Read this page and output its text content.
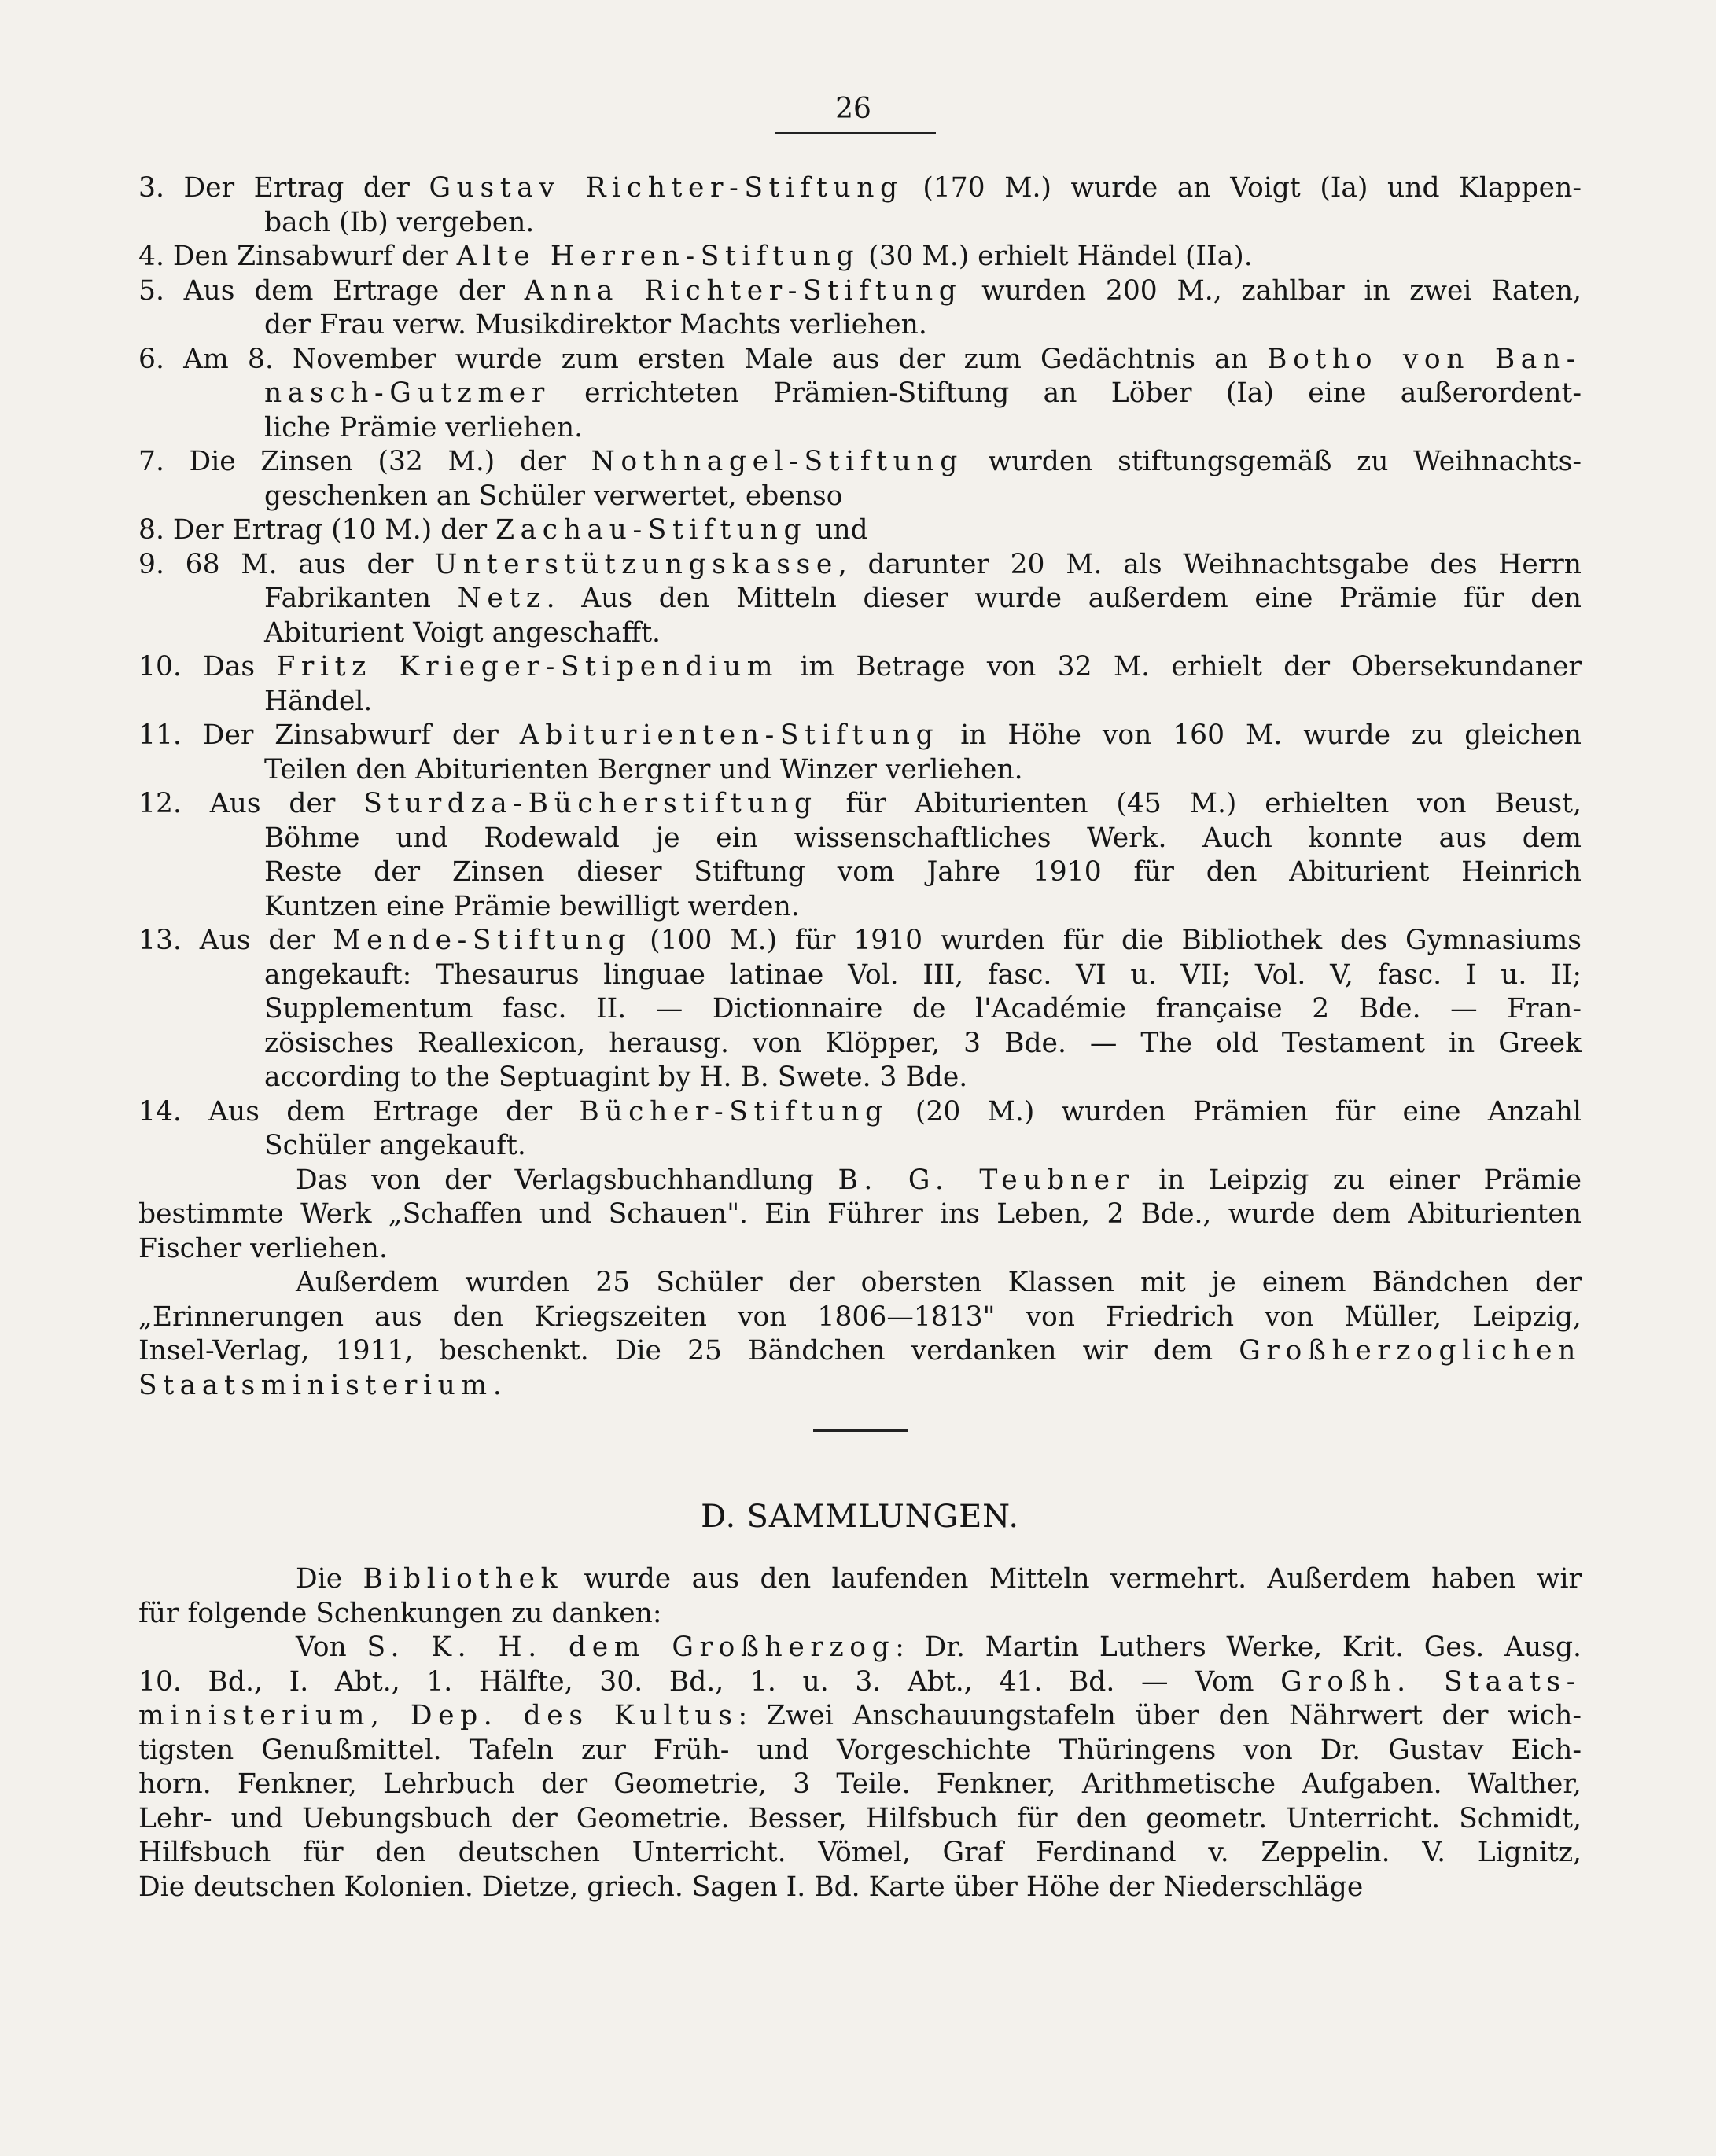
26
3. Der Ertrag der Gustav Richter-Stiftung (170 M.) wurde an Voigt (Ia) und Klappen-
bach (Ib) vergeben.
4. Den Zinsabwurf der Alte Herren-Stiftung (30 M.) erhielt Händel (IIa).
5. Aus dem Ertrage der Anna Richter-Stiftung wurden 200 M., zahlbar in zwei Raten,
der Frau verw. Musikdirektor Machts verliehen.
6. Am 8. November wurde zum ersten Male aus der zum Gedächtnis an Botho von Ban-
nasch-Gutzmer errichteten Prämien-Stiftung an Löber (Ia) eine außerordent-
liche Prämie verliehen.
7. Die Zinsen (32 M.) der Nothnagel-Stiftung wurden stiftungsgemäß zu Weihnachts-
geschenken an Schüler verwertet, ebenso
8. Der Ertrag (10 M.) der Zachau-Stiftung und
9. 68 M. aus der Unterstützungskasse, darunter 20 M. als Weihnachtsgabe des Herrn
Fabrikanten Netz. Aus den Mitteln dieser wurde außerdem eine Prämie für den
Abiturient Voigt angeschafft.
10. Das Fritz Krieger-Stipendium im Betrage von 32 M. erhielt der Obersekundaner
Händel.
11. Der Zinsabwurf der Abiturienten-Stiftung in Höhe von 160 M. wurde zu gleichen
Teilen den Abiturienten Bergner und Winzer verliehen.
12. Aus der Sturdza-Bücherstiftung für Abiturienten (45 M.) erhielten von Beust,
Böhme und Rodewald je ein wissenschaftliches Werk. Auch konnte aus dem
Reste der Zinsen dieser Stiftung vom Jahre 1910 für den Abiturient Heinrich
Kuntzen eine Prämie bewilligt werden.
13. Aus der Mende-Stiftung (100 M.) für 1910 wurden für die Bibliothek des Gymnasiums
angekauft: Thesaurus linguae latinae Vol. III, fasc. VI u. VII; Vol. V, fasc. I u. II;
Supplementum fasc. II. — Dictionnaire de l'Académie française 2 Bde. — Fran-
zösisches Reallexicon, herausg. von Klöpper, 3 Bde. — The old Testament in Greek
according to the Septuagint by H. B. Swete. 3 Bde.
14. Aus dem Ertrage der Bücher-Stiftung (20 M.) wurden Prämien für eine Anzahl
Schüler angekauft.
Das von der Verlagsbuchhandlung B. G. Teubner in Leipzig zu einer Prämie
bestimmte Werk „Schaffen und Schauen". Ein Führer ins Leben, 2 Bde., wurde dem Abiturienten
Fischer verliehen.
Außerdem wurden 25 Schüler der obersten Klassen mit je einem Bändchen der
„Erinnerungen aus den Kriegszeiten von 1806—1813" von Friedrich von Müller, Leipzig,
Insel-Verlag, 1911, beschenkt. Die 25 Bändchen verdanken wir dem Großherzoglichen
Staatsministerium.
D. SAMMLUNGEN.
Die Bibliothek wurde aus den laufenden Mitteln vermehrt. Außerdem haben wir
für folgende Schenkungen zu danken:
Von S. K. H. dem Großherzog: Dr. Martin Luthers Werke, Krit. Ges. Ausg.
10. Bd., I. Abt., 1. Hälfte, 30. Bd., 1. u. 3. Abt., 41. Bd. — Vom Großh. Staats-
ministerium, Dep. des Kultus: Zwei Anschauungstafeln über den Nährwert der wich-
tigsten Genußmittel. Tafeln zur Früh- und Vorgeschichte Thüringens von Dr. Gustav Eich-
horn. Fenkner, Lehrbuch der Geometrie, 3 Teile. Fenkner, Arithmetische Aufgaben. Walther,
Lehr- und Uebungsbuch der Geometrie. Besser, Hilfsbuch für den geometr. Unterricht. Schmidt,
Hilfsbuch für den deutschen Unterricht. Vömel, Graf Ferdinand v. Zeppelin. V. Lignitz,
Die deutschen Kolonien. Dietze, griech. Sagen I. Bd. Karte über Höhe der Niederschläge
